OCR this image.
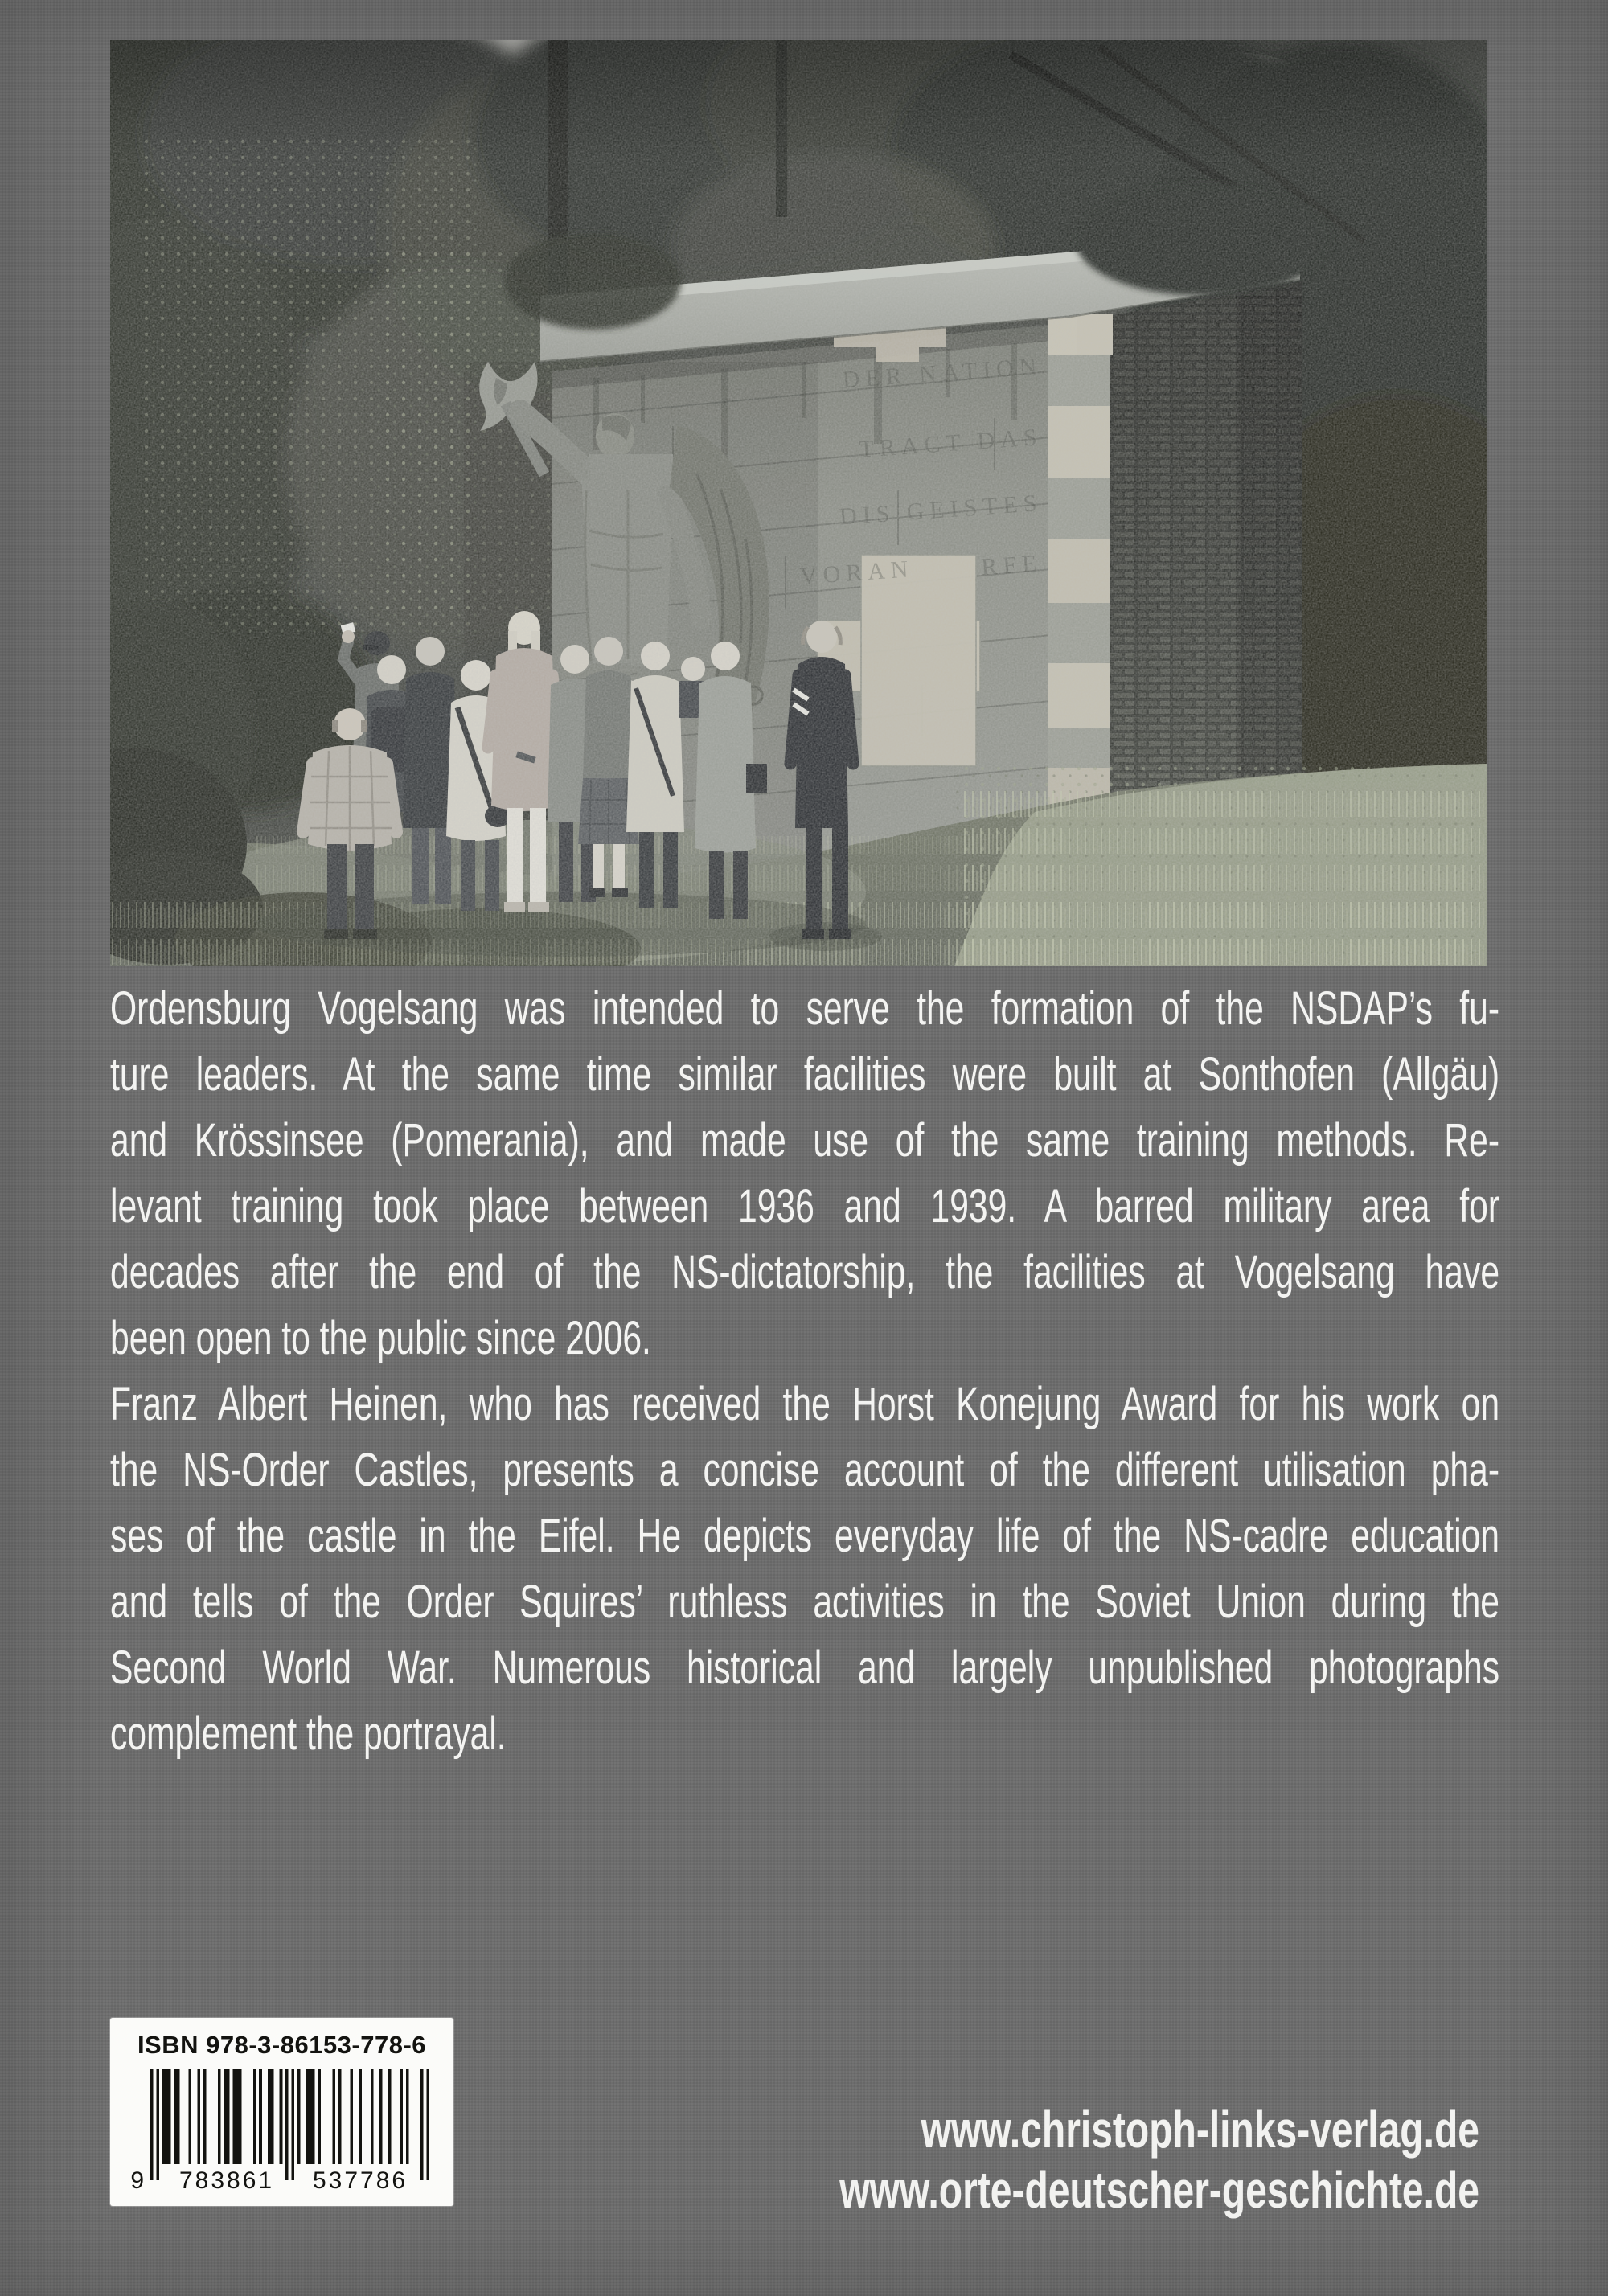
Ordensburg Vogelsang was intended to serve the formation of the NSDAP’s fu-
ture leaders. At the same time similar facilities were built at Sonthofen (Allgäu)
and Krössinsee (Pomerania), and made use of the same training methods. Re-
levant training took place between 1936 and 1939. A barred military area for
decades after the end of the NS-dictatorship, the facilities at Vogelsang have
been open to the public since 2006.
Franz Albert Heinen, who has received the Horst Konejung Award for his work on
the NS-Order Castles, presents a concise account of the different utilisation pha-
ses of the castle in the Eifel. He depicts everyday life of the NS-cadre education
and tells of the Order Squires’ ruthless activities in the Soviet Union during the
Second World War. Numerous historical and largely unpublished photographs
complement the portrayal.
ISBN 978-3-86153-778-6
9 783861 537786
www.christoph-links-verlag.de
www.orte-deutscher-geschichte.de
